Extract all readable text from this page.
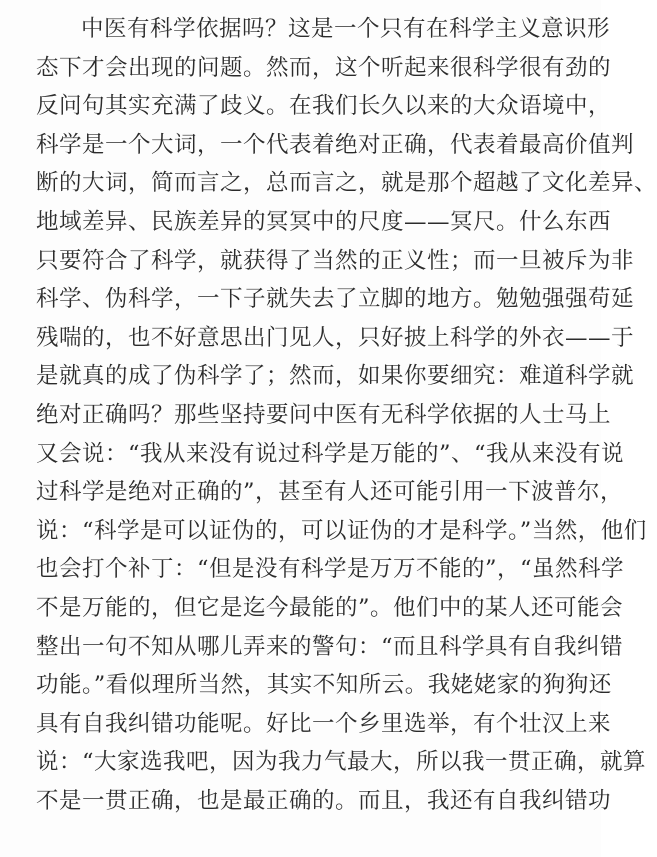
中医有科学依据吗？这是一个只有在科学主义意识形
态下才会出现的问题。然而，这个听起来很科学很有劲的
反问句其实充满了歧义。在我们长久以来的大众语境中，
科学是一个大词，一个代表着绝对正确，代表着最高价值判
断的大词，简而言之，总而言之，就是那个超越了文化差异、
地域差异、民族差异的冥冥中的尺度——冥尺。什么东西
只要符合了科学，就获得了当然的正义性；而一旦被斥为非
科学、伪科学，一下子就失去了立脚的地方。勉勉强强苟延
残喘的，也不好意思出门见人，只好披上科学的外衣——于
是就真的成了伪科学了；然而，如果你要细究：难道科学就
绝对正确吗？那些坚持要问中医有无科学依据的人士马上
又会说：“我从来没有说过科学是万能的”、“我从来没有说
过科学是绝对正确的”，甚至有人还可能引用一下波普尔，
说：“科学是可以证伪的，可以证伪的才是科学。”当然，他们
也会打个补丁：“但是没有科学是万万不能的”，“虽然科学
不是万能的，但它是迄今最能的”。他们中的某人还可能会
整出一句不知从哪儿弄来的警句：“而且科学具有自我纠错
功能。”看似理所当然，其实不知所云。我姥姥家的狗狗还
具有自我纠错功能呢。好比一个乡里选举，有个壮汉上来
说：“大家选我吧，因为我力气最大，所以我一贯正确，就算
不是一贯正确，也是最正确的。而且，我还有自我纠错功
